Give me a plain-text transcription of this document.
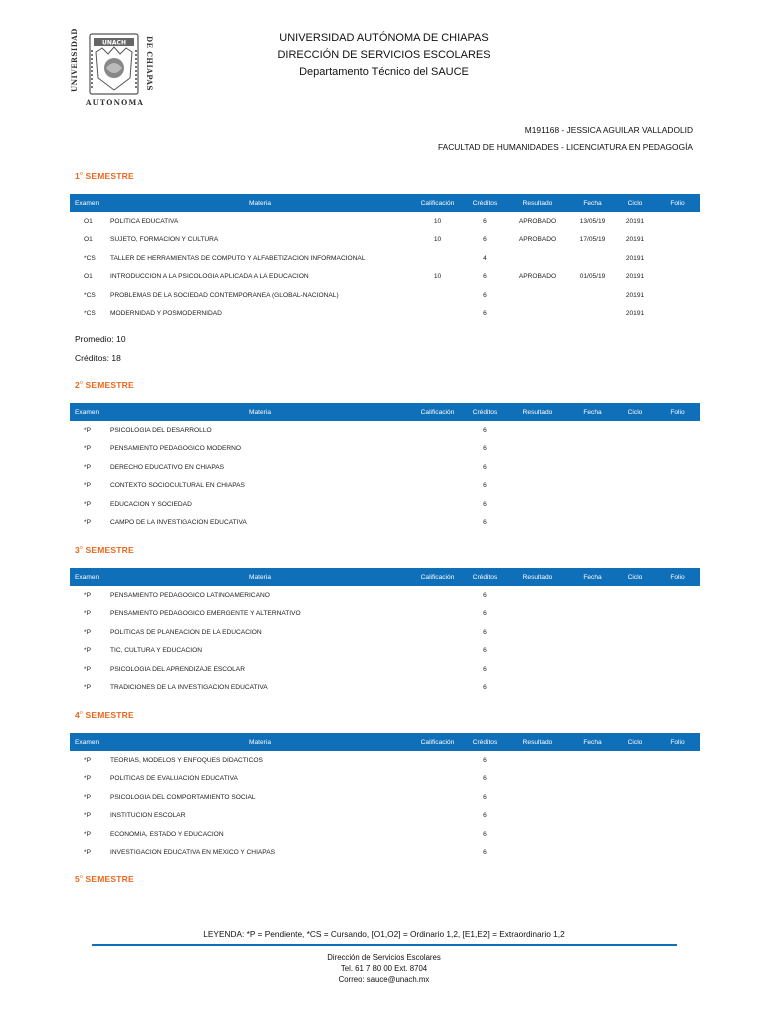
UNIVERSIDAD	UNACH	DE CHIAPAS
AUTONOMA
UNIVERSIDAD AUTÓNOMA DE CHIAPAS
DIRECCIÓN DE SERVICIOS ESCOLARES
Departamento Técnico del SAUCE
M191168 - JESSICA AGUILAR VALLADOLID
FACULTAD DE HUMANIDADES - LICENCIATURA EN PEDAGOGÍA
1$^o$ SEMESTRE
Examen	Materia	Calificación	Créditos	Resultado	Fecha	Ciclo	Folio
O1	POLITICA EDUCATIVA	10	6	APROBADO	13/05/19	20191	
O1	SUJETO, FORMACION Y CULTURA	10	6	APROBADO	17/05/19	20191	
*CS	TALLER DE HERRAMIENTAS DE COMPUTO Y ALFABETIZACION INFORMACIONAL		4			20191	
O1	INTRODUCCION A LA PSICOLOGIA APLICADA A LA EDUCACION	10	6	APROBADO	01/05/19	20191	
*CS	PROBLEMAS DE LA SOCIEDAD CONTEMPORANEA (GLOBAL-NACIONAL)		6			20191	
*CS	MODERNIDAD Y POSMODERNIDAD		6			20191	
Promedio: 10
Créditos: 18
2$^o$ SEMESTRE
Examen	Materia	Calificación	Créditos	Resultado	Fecha	Ciclo	Folio
*P	PSICOLOGIA DEL DESARROLLO		6				
*P	PENSAMIENTO PEDAGOGICO MODERNO		6				
*P	DERECHO EDUCATIVO EN CHIAPAS		6				
*P	CONTEXTO SOCIOCULTURAL EN CHIAPAS		6				
*P	EDUCACION Y SOCIEDAD		6				
*P	CAMPO DE LA INVESTIGACION EDUCATIVA		6				
3$^o$ SEMESTRE
Examen	Materia	Calificación	Créditos	Resultado	Fecha	Ciclo	Folio
*P	PENSAMIENTO PEDAGOGICO LATINOAMERICANO		6				
*P	PENSAMIENTO PEDAGOGICO EMERGENTE Y ALTERNATIVO		6				
*P	POLITICAS DE PLANEACION DE LA EDUCACION		6				
*P	TIC, CULTURA Y EDUCACION		6				
*P	PSICOLOGIA DEL APRENDIZAJE ESCOLAR		6				
*P	TRADICIONES DE LA INVESTIGACION EDUCATIVA		6				
4$^o$ SEMESTRE
Examen	Materia	Calificación	Créditos	Resultado	Fecha	Ciclo	Folio
*P	TEORIAS, MODELOS Y ENFOQUES DIDACTICOS		6				
*P	POLITICAS DE EVALUACION EDUCATIVA		6				
*P	PSICOLOGIA DEL COMPORTAMIENTO SOCIAL		6				
*P	INSTITUCION ESCOLAR		6				
*P	ECONOMIA, ESTADO Y EDUCACION		6				
*P	INVESTIGACION EDUCATIVA EN MEXICO Y CHIAPAS		6				
5$^o$ SEMESTRE
LEYENDA: *P = Pendiente, *CS = Cursando, [O1,O2] = Ordinario 1,2, [E1,E2] = Extraordinario 1,2
Dirección de Servicios Escolares
Tel. 61 7 80 00 Ext. 8704
Correo: sauce@unach.mx
